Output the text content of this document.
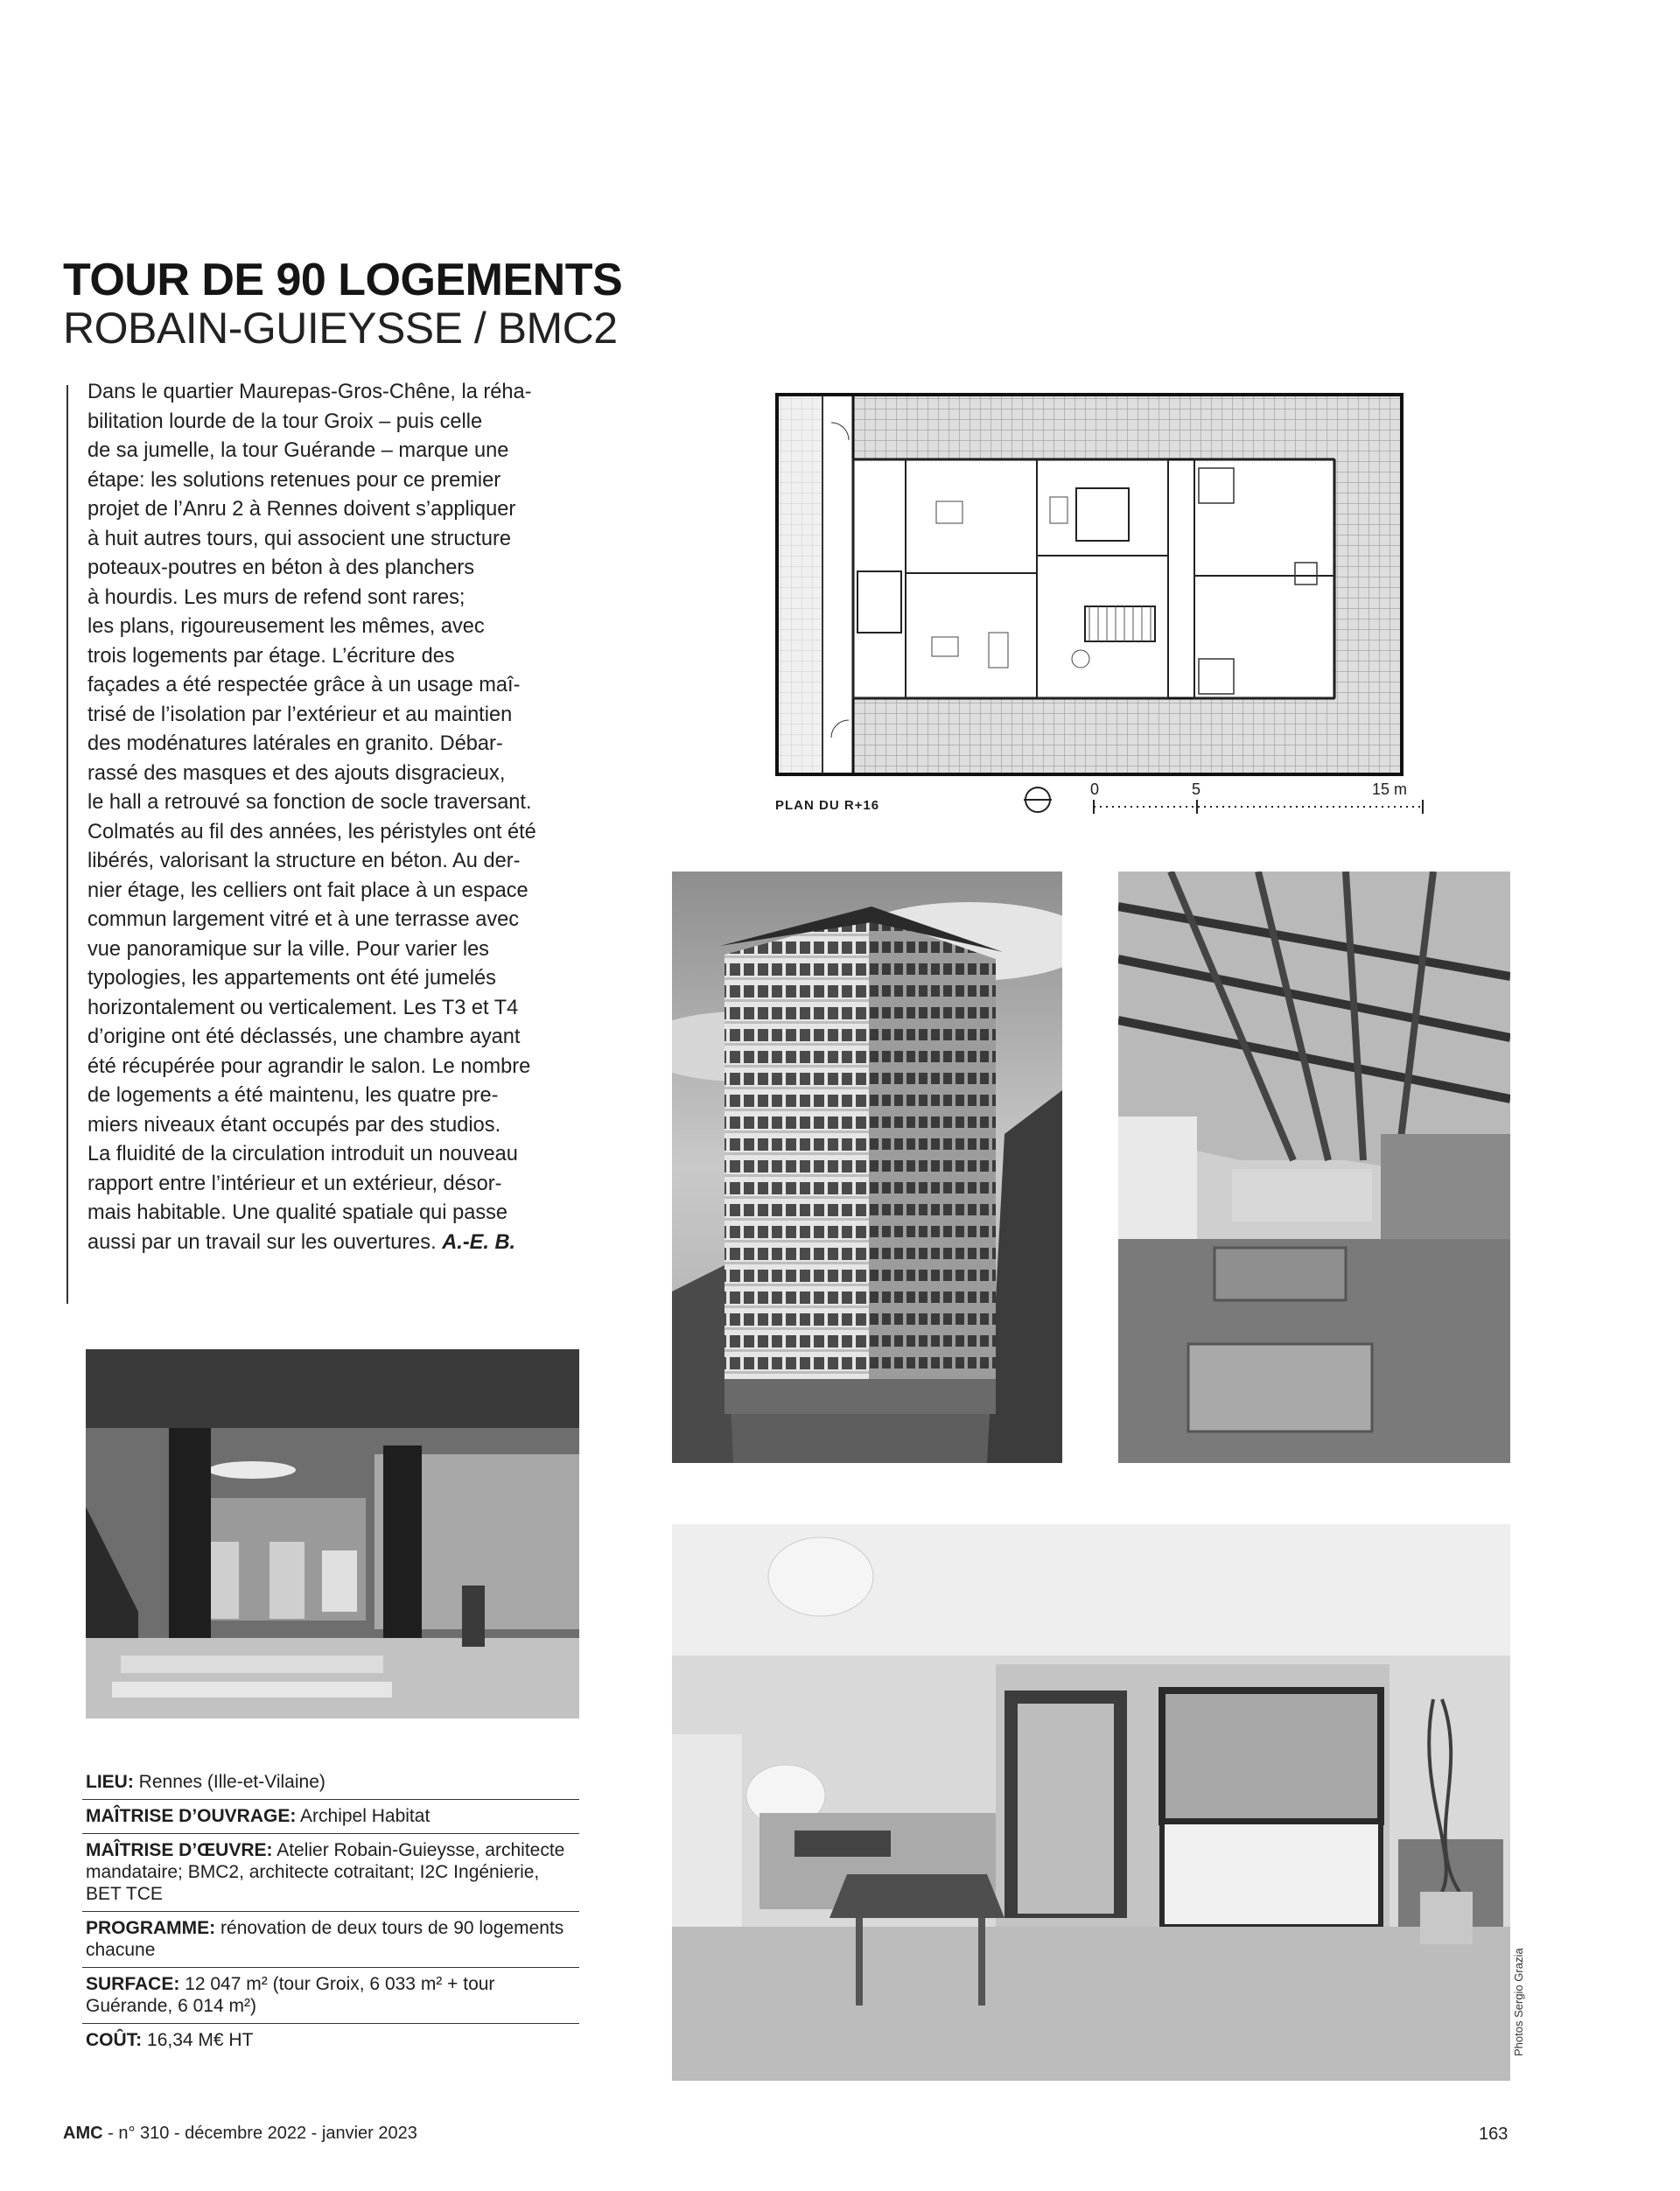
TOUR DE 90 LOGEMENTS
ROBAIN-GUIEYSSE / BMC2
Dans le quartier Maurepas-Gros-Chêne, la réha-
bilitation lourde de la tour Groix – puis celle
de sa jumelle, la tour Guérande – marque une
étape: les solutions retenues pour ce premier
projet de l’Anru 2 à Rennes doivent s’appliquer
à huit autres tours, qui associent une structure
poteaux-poutres en béton à des planchers
à hourdis. Les murs de refend sont rares;
les plans, rigoureusement les mêmes, avec
trois logements par étage. L’écriture des
façades a été respectée grâce à un usage maî-
trisé de l’isolation par l’extérieur et au maintien
des modénatures latérales en granito. Débar-
rassé des masques et des ajouts disgracieux,
le hall a retrouvé sa fonction de socle traversant.
Colmatés au fil des années, les péristyles ont été
libérés, valorisant la structure en béton. Au der-
nier étage, les celliers ont fait place à un espace
commun largement vitré et à une terrasse avec
vue panoramique sur la ville. Pour varier les
typologies, les appartements ont été jumelés
horizontalement ou verticalement. Les T3 et T4
d’origine ont été déclassés, une chambre ayant
été récupérée pour agrandir le salon. Le nombre
de logements a été maintenu, les quatre pre-
miers niveaux étant occupés par des studios.
La fluidité de la circulation introduit un nouveau
rapport entre l’intérieur et un extérieur, désor-
mais habitable. Une qualité spatiale qui passe
aussi par un travail sur les ouvertures. A.-E. B.
PLAN DU R+16
0	5	15 m
LIEU: Rennes (Ille-et-Vilaine)
MAÎTRISE D’OUVRAGE: Archipel Habitat
MAÎTRISE D’ŒUVRE: Atelier Robain-Guieysse, architecte mandataire; BMC2, architecte cotraitant; I2C Ingénierie, BET TCE
PROGRAMME: rénovation de deux tours de 90 logements chacune
SURFACE: 12 047 m² (tour Groix, 6 033 m² + tour Guérande, 6 014 m²)
COÛT: 16,34 M€ HT	Photos Sergio Grazia
AMC - n° 310 - décembre 2022 - janvier 2023	163
